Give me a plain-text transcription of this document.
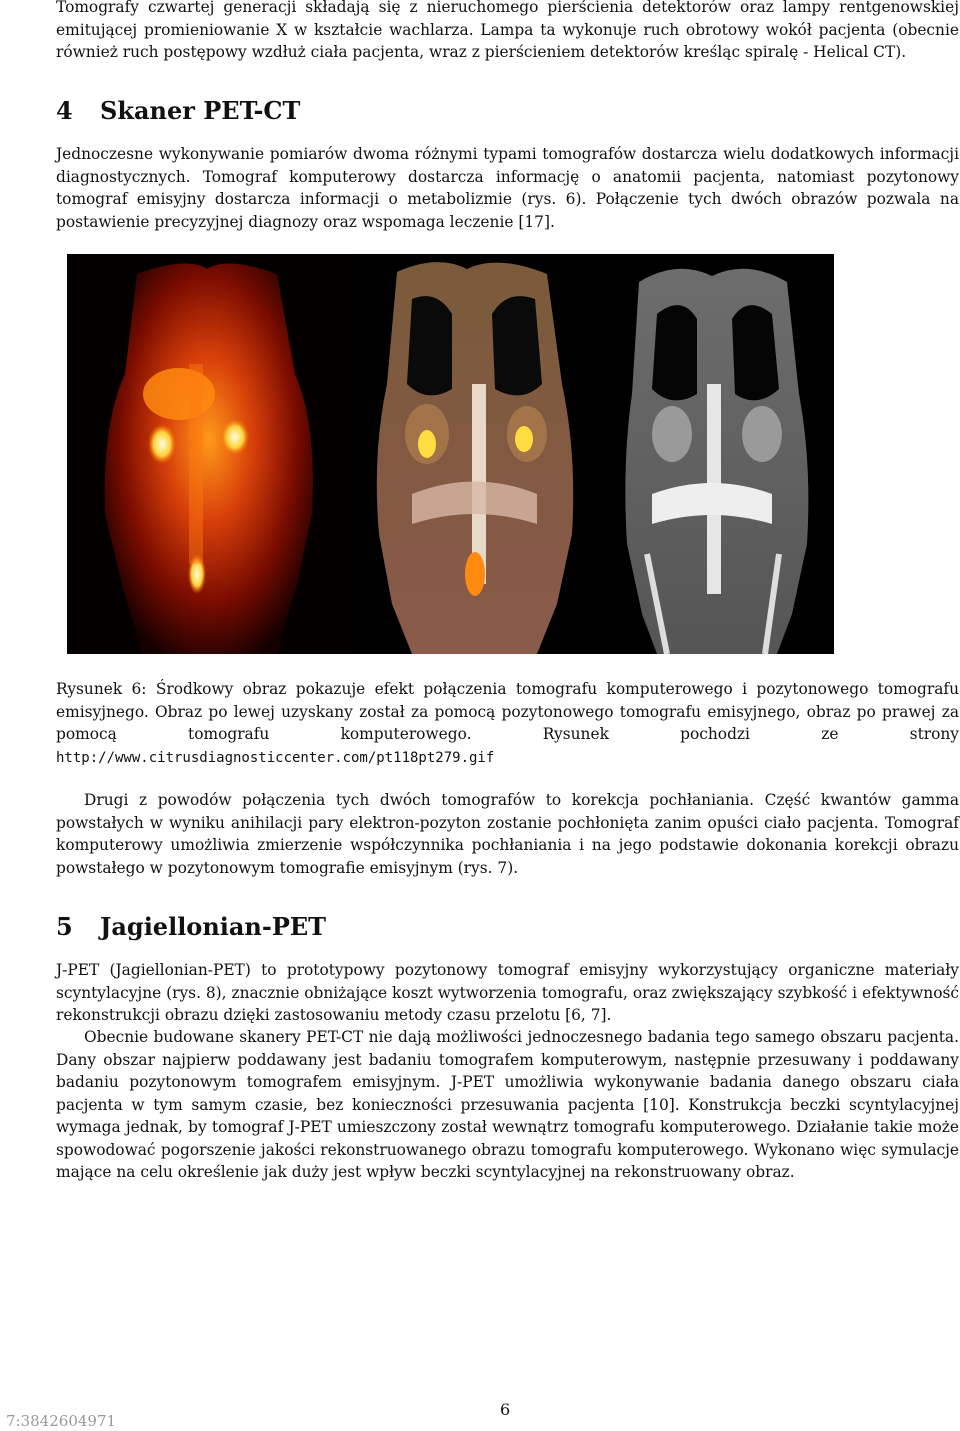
Tomografy czwartej generacji składają się z nieruchomego pierścienia detektorów oraz lampy rentgenowskiej emitującej promieniowanie X w kształcie wachlarza. Lampa ta wykonuje ruch obrotowy wokół pacjenta (obecnie również ruch postępowy wzdłuż ciała pacjenta, wraz z pierścieniem detektorów kreśląc spiralę - Helical CT).

4 Skaner PET-CT

Jednoczesne wykonywanie pomiarów dwoma różnymi typami tomografów dostarcza wielu dodatkowych informacji diagnostycznych. Tomograf komputerowy dostarcza informację o anatomii pacjenta, natomiast pozytonowy tomograf emisyjny dostarcza informacji o metabolizmie (rys. 6). Połączenie tych dwóch obrazów pozwala na postawienie precyzyjnej diagnozy oraz wspomaga leczenie [17].

Rysunek 6: Środkowy obraz pokazuje efekt połączenia tomografu komputerowego i pozytonowego tomografu emisyjnego. Obraz po lewej uzyskany został za pomocą pozytonowego tomografu emisyjnego, obraz po prawej za pomocą tomografu komputerowego. Rysunek pochodzi ze strony http://www.citrusdiagnosticcenter.com/pt118pt279.gif

Drugi z powodów połączenia tych dwóch tomografów to korekcja pochłaniania. Część kwantów gamma powstałych w wyniku anihilacji pary elektron-pozyton zostanie pochłonięta zanim opuści ciało pacjenta. Tomograf komputerowy umożliwia zmierzenie współczynnika pochłaniania i na jego podstawie dokonania korekcji obrazu powstałego w pozytonowym tomografie emisyjnym (rys. 7).

5 Jagiellonian-PET

J-PET (Jagiellonian-PET) to prototypowy pozytonowy tomograf emisyjny wykorzystujący organiczne materiały scyntylacyjne (rys. 8), znacznie obniżające koszt wytworzenia tomografu, oraz zwiększający szybkość i efektywność rekonstrukcji obrazu dzięki zastosowaniu metody czasu przelotu [6, 7].

Obecnie budowane skanery PET-CT nie dają możliwości jednoczesnego badania tego samego obszaru pacjenta. Dany obszar najpierw poddawany jest badaniu tomografem komputerowym, następnie przesuwany i poddawany badaniu pozytonowym tomografem emisyjnym. J-PET umożliwia wykonywanie badania danego obszaru ciała pacjenta w tym samym czasie, bez konieczności przesuwania pacjenta [10]. Konstrukcja beczki scyntylacyjnej wymaga jednak, by tomograf J-PET umieszczony został wewnątrz tomografu komputerowego. Działanie takie może spowodować pogorszenie jakości rekonstruowanego obrazu tomografu komputerowego. Wykonano więc symulacje mające na celu określenie jak duży jest wpływ beczki scyntylacyjnej na rekonstruowany obraz.

6
7:3842604971
